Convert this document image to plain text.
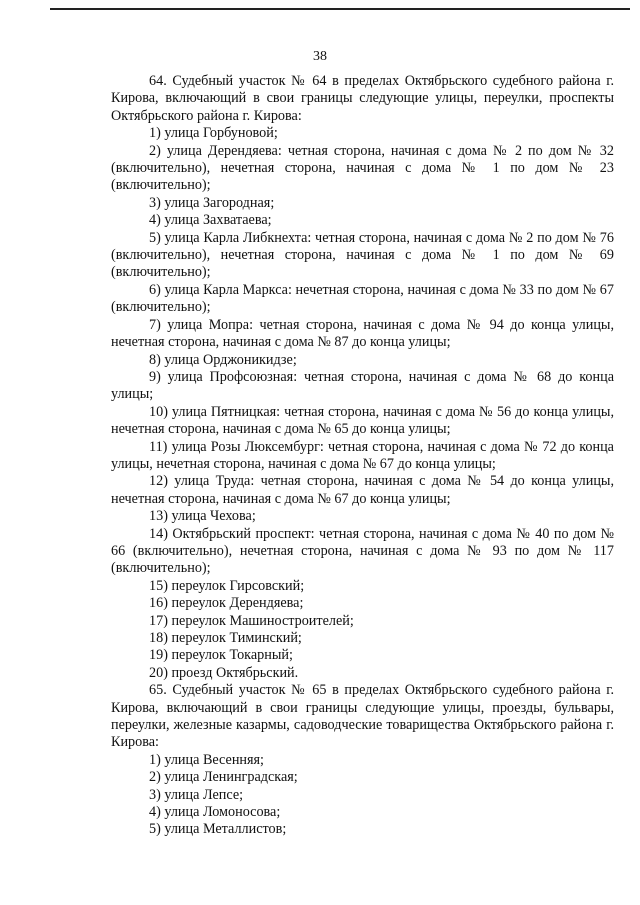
38

64. Судебный участок № 64 в пределах Октябрьского судебного района г. Кирова, включающий в свои границы следующие улицы, переулки, проспекты Октябрьского района г. Кирова:

1) улица Горбуновой;

2) улица Дерендяева: четная сторона, начиная с дома № 2 по дом № 32 (включительно), нечетная сторона, начиная с дома № 1 по дом № 23 (включительно);

3) улица Загородная;

4) улица Захватаева;

5) улица Карла Либкнехта: четная сторона, начиная с дома № 2 по дом № 76 (включительно), нечетная сторона, начиная с дома № 1 по дом № 69 (включительно);

6) улица Карла Маркса: нечетная сторона, начиная с дома № 33 по дом № 67 (включительно);

7) улица Мопра: четная сторона, начиная с дома № 94 до конца улицы, нечетная сторона, начиная с дома № 87 до конца улицы;

8) улица Орджоникидзе;

9) улица Профсоюзная: четная сторона, начиная с дома № 68 до конца улицы;

10) улица Пятницкая: четная сторона, начиная с дома № 56 до конца улицы, нечетная сторона, начиная с дома № 65 до конца улицы;

11) улица Розы Люксембург: четная сторона, начиная с дома № 72 до конца улицы, нечетная сторона, начиная с дома № 67 до конца улицы;

12) улица Труда: четная сторона, начиная с дома № 54 до конца улицы, нечетная сторона, начиная с дома № 67 до конца улицы;

13) улица Чехова;

14) Октябрьский проспект: четная сторона, начиная с дома № 40 по дом № 66 (включительно), нечетная сторона, начиная с дома № 93 по дом № 117 (включительно);

15) переулок Гирсовский;

16) переулок Дерендяева;

17) переулок Машиностроителей;

18) переулок Тиминский;

19) переулок Токарный;

20) проезд Октябрьский.

65. Судебный участок № 65 в пределах Октябрьского судебного района г. Кирова, включающий в свои границы следующие улицы, проезды, бульвары, переулки, железные казармы, садоводческие товарищества Октябрьского района г. Кирова:

1) улица Весенняя;

2) улица Ленинградская;

3) улица Лепсе;

4) улица Ломоносова;

5) улица Металлистов;
